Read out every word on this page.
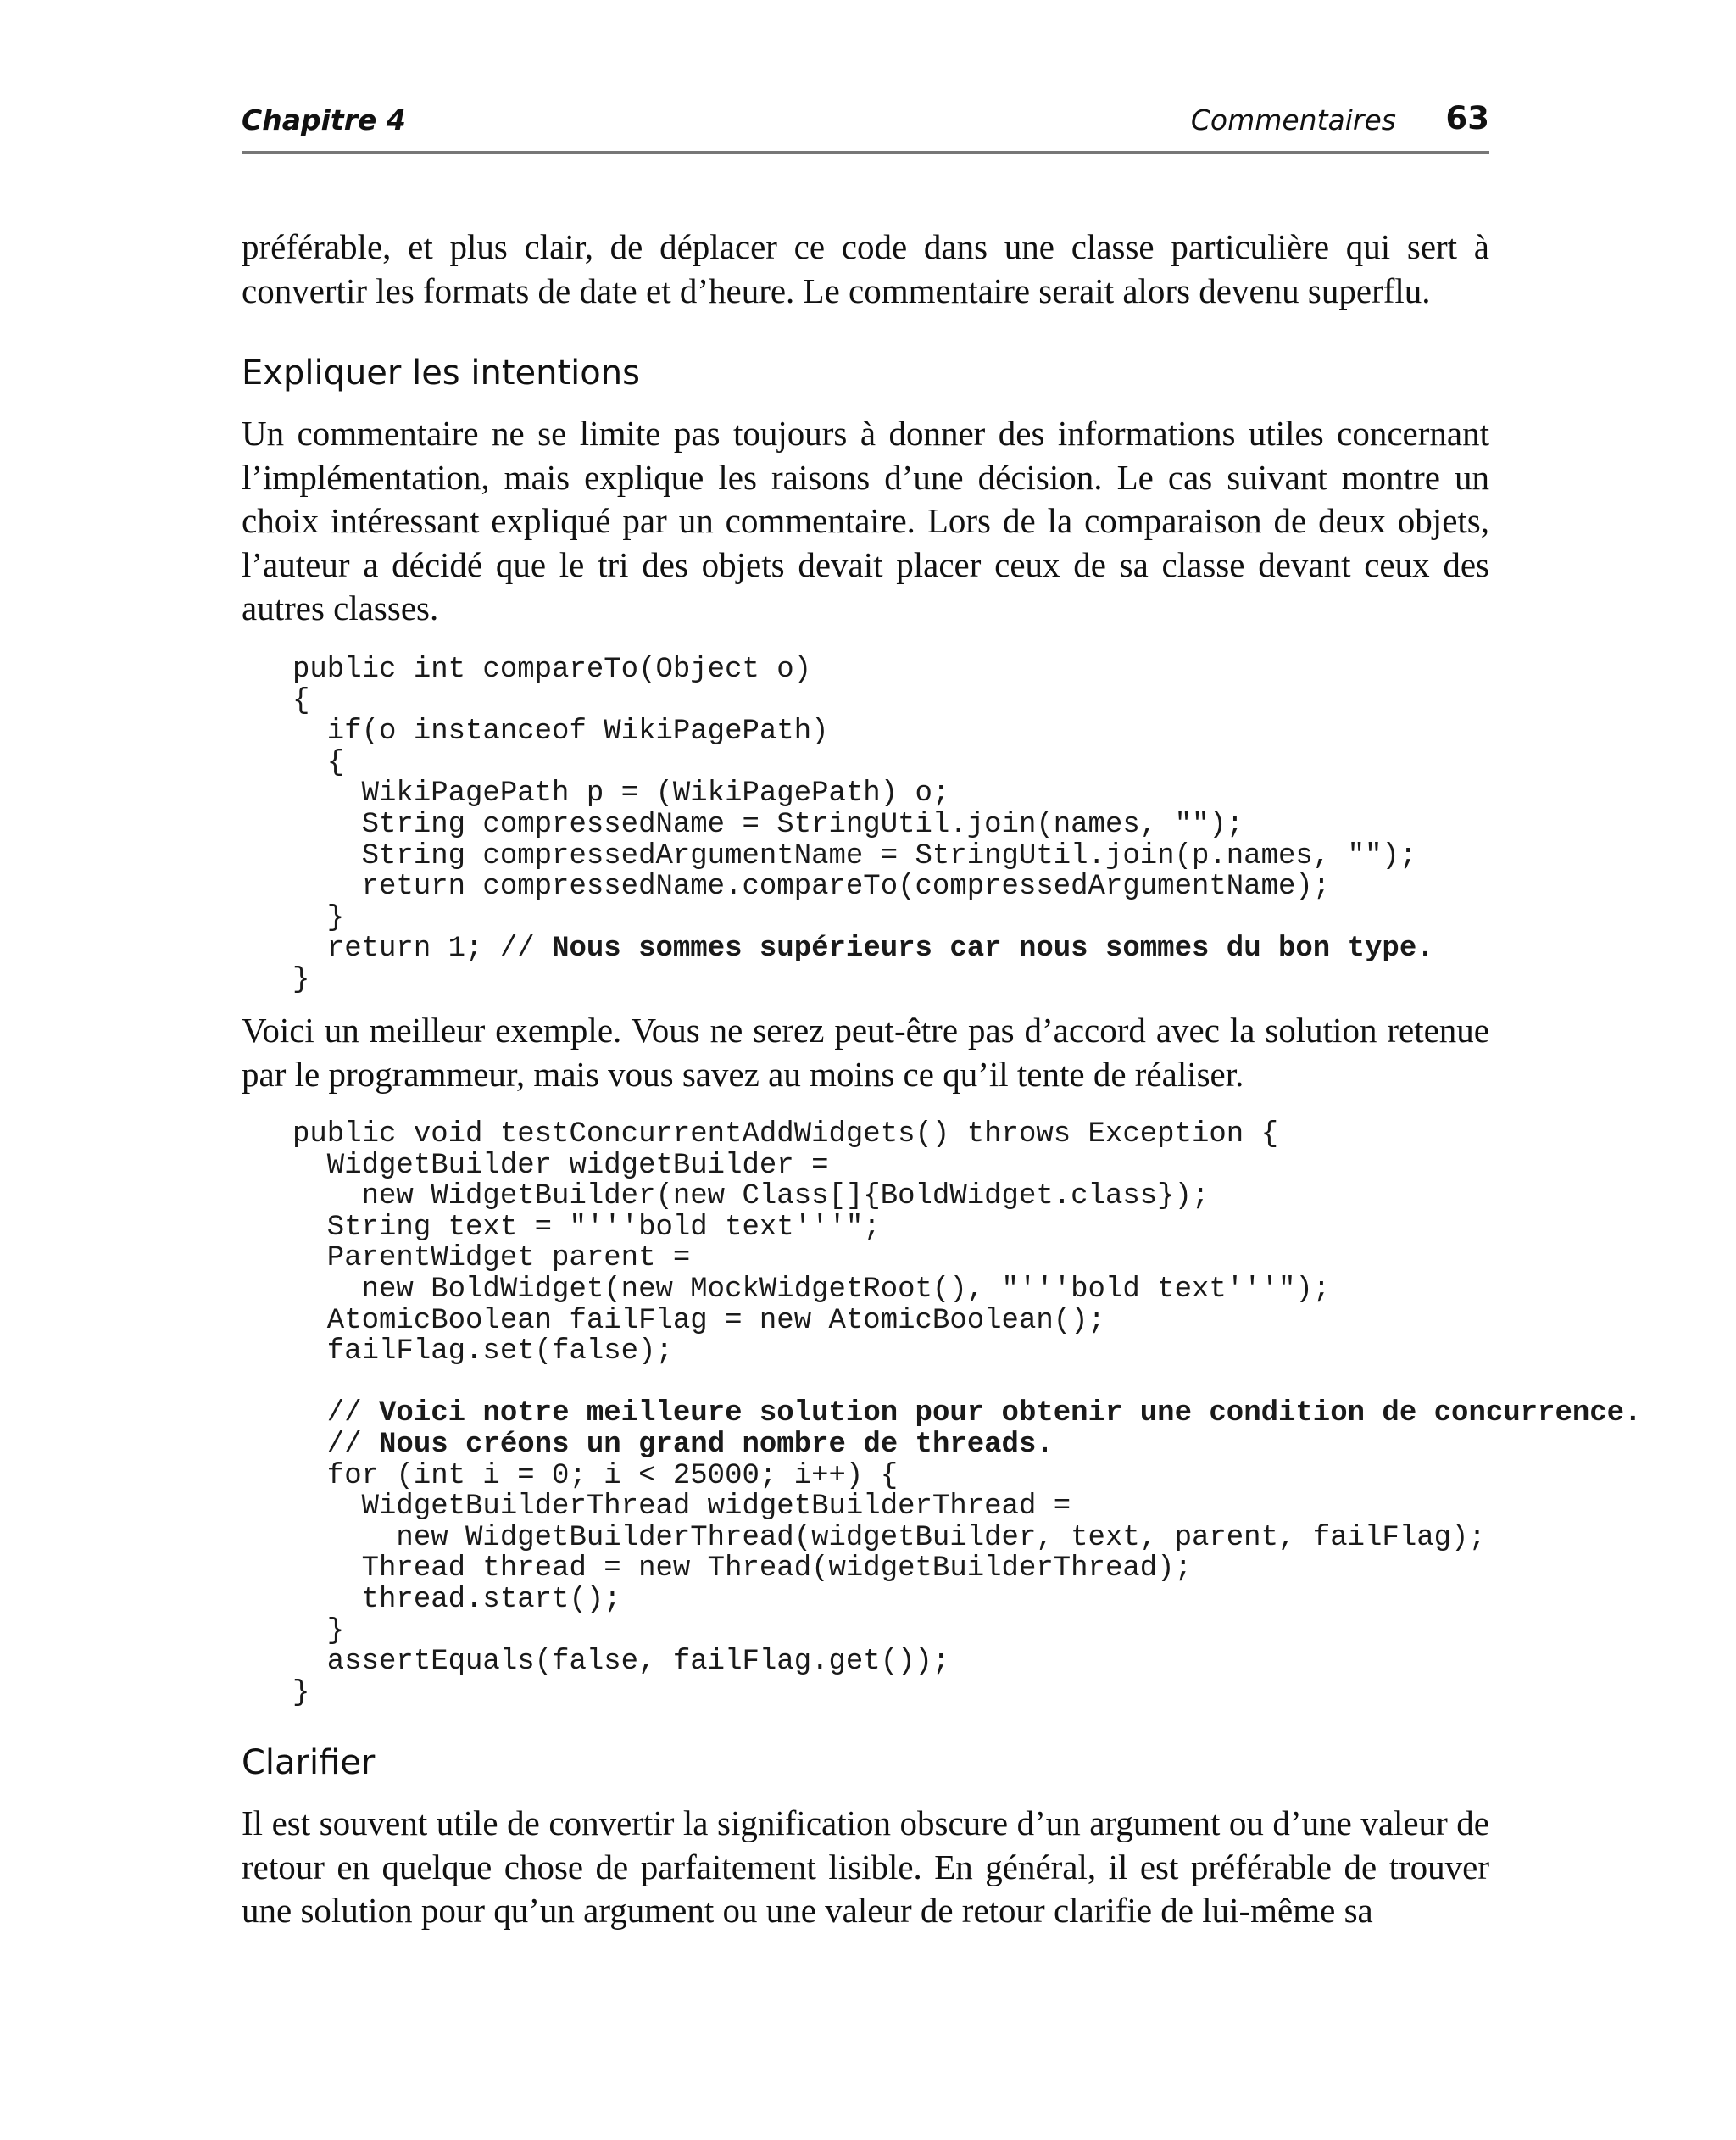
Chapitre 4	Commentaires 63

préférable, et plus clair, de déplacer ce code dans une classe particulière qui sert à convertir les formats de date et d’heure. Le commentaire serait alors devenu superflu.

Expliquer les intentions

Un commentaire ne se limite pas toujours à donner des informations utiles concernant l’implémentation, mais explique les raisons d’une décision. Le cas suivant montre un choix intéressant expliqué par un commentaire. Lors de la comparaison de deux objets, l’auteur a décidé que le tri des objets devait placer ceux de sa classe devant ceux des autres classes.

public int compareTo(Object o)
{
if(o instanceof WikiPagePath)
{
WikiPagePath p = (WikiPagePath) o;
String compressedName = StringUtil.join(names, "");
String compressedArgumentName = StringUtil.join(p.names, "");
return compressedName.compareTo(compressedArgumentName);
}
return 1; // Nous sommes supérieurs car nous sommes du bon type.
}

Voici un meilleur exemple. Vous ne serez peut-être pas d’accord avec la solution retenue par le programmeur, mais vous savez au moins ce qu’il tente de réaliser.

public void testConcurrentAddWidgets() throws Exception {
WidgetBuilder widgetBuilder =
new WidgetBuilder(new Class[]{BoldWidget.class});
String text = "'''bold text'''";
ParentWidget parent =
new BoldWidget(new MockWidgetRoot(), "'''bold text'''");
AtomicBoolean failFlag = new AtomicBoolean();
failFlag.set(false);
// Voici notre meilleure solution pour obtenir une condition de concurrence.
// Nous créons un grand nombre de threads.
for (int i = 0; i < 25000; i++) {
WidgetBuilderThread widgetBuilderThread =
new WidgetBuilderThread(widgetBuilder, text, parent, failFlag);
Thread thread = new Thread(widgetBuilderThread);
thread.start();
}
assertEquals(false, failFlag.get());
}
Clarifier

Il est souvent utile de convertir la signification obscure d’un argument ou d’une valeur de retour en quelque chose de parfaitement lisible. En général, il est préférable de trouver une solution pour qu’un argument ou une valeur de retour clarifie de lui-même sa
